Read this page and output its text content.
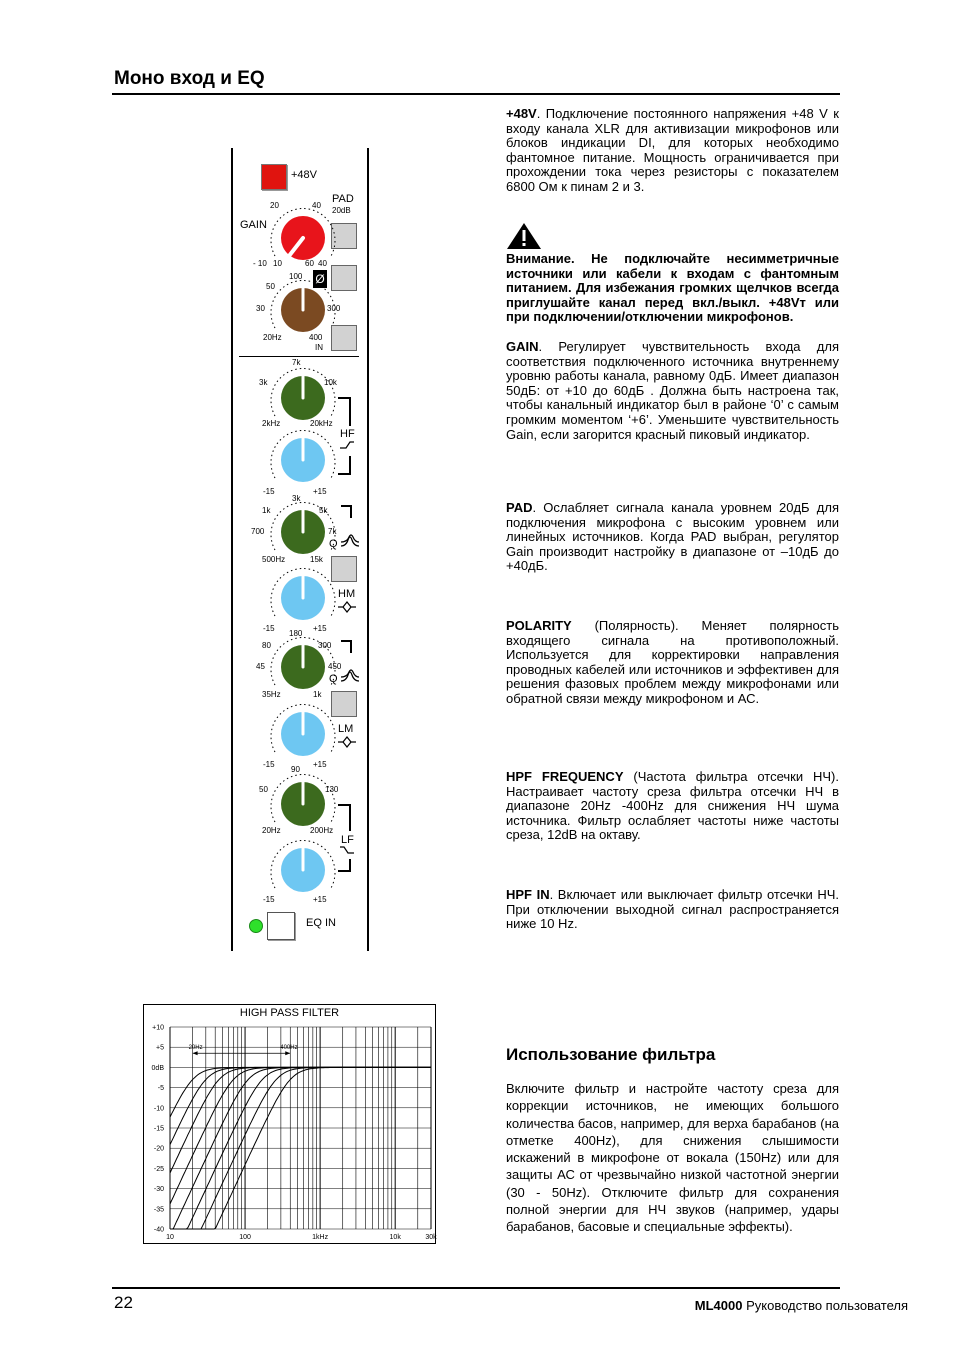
Моно вход и EQ
+48V. Подключение постоянного напряжения +48 V к входу канала XLR для активизации микрофонов или блоков индикации DI, для которых необходимо фантомное питание. Мощность ограничивается при прохождении тока через резисторы с показателем 6800 Ом к пинам 2 и 3.
Внимание. Не подключайте несимметричные источники или кабели к входам с фантомным питанием. Для избежания громких щелчков всегда приглушайте канал перед вкл./выкл. +48Vт или при подключении/отключении микрофонов.
GAIN. Регулирует чувствительность входа для соответствия подключенного источника внутреннему уровню работы канала, равному 0дБ. Имеет диапазон 50дБ: от +10 до 60дБ . Должна быть настроена так, чтобы канальный индикатор был в районе ‘0’ с самым громким моментом ‘+6’. Уменьшите чувствительность Gain, если загорится красный пиковый индикатор.
PAD. Ослабляет сигнала канала уровнем 20дБ для подключения микрофона с высоким уровнем или линейных источников. Когда PAD выбран, регулятор Gain производит настройку в диапазоне от –10дБ до +40дБ.
POLARITY (Полярность). Меняет полярность входящего сигнала на противоположный. Используется для корректировки направления проводных кабелей или источников и эффективен для решения фазовых проблем между микрофонами или обратной связи между микрофоном и АС.
HPF FREQUENCY (Частота фильтра отсечки НЧ). Настраивает частоту среза фильтра отсечки НЧ в диапазоне 20Hz -400Hz для снижения НЧ шума источника. Фильтр ослабляет частоты ниже частоты среза, 12dB на октаву.
HPF IN. Включает или выключает фильтр отсечки НЧ. При отключении выходной сигнал распространяется ниже 10 Hz.
Использование фильтра
Включите фильтр и настройте частоту среза для коррекции источников, не имеющих большого количества басов, например, для верха барабанов (на отметке 400Hz), для снижения слышимости искажений в микрофоне от вокала (150Hz) или для защиты АС от чрезвычайно низкой частотной энергии (30 - 50Hz). Отключите фильтр для сохранения полной энергии для НЧ звуков (например, удары барабанов, басовые и специальные эффекты).
+48V
PAD
20dB
GAIN
20	40
- 10 10	60 40
Ø
100
50
300
30
20Hz	400
IN
7k
3k	10k
2kHz	20kHz
HF
-15	+15
3k
1k	5k
700	7k
500Hz	15k
Q
HM
-15	+15
180
80	300
45	450
35Hz	1k
Q
LM
-15	+15
90
50	130
20Hz	200Hz
LF
-15	+15
EQ IN
HIGH PASS FILTER
+10
+5
0dB
-5
-10
-15
-20
-25
-30
-35
-40
10	100	1kHz	10k	30k
20Hz	400Hz
22	ML4000 Руководство пользователя
